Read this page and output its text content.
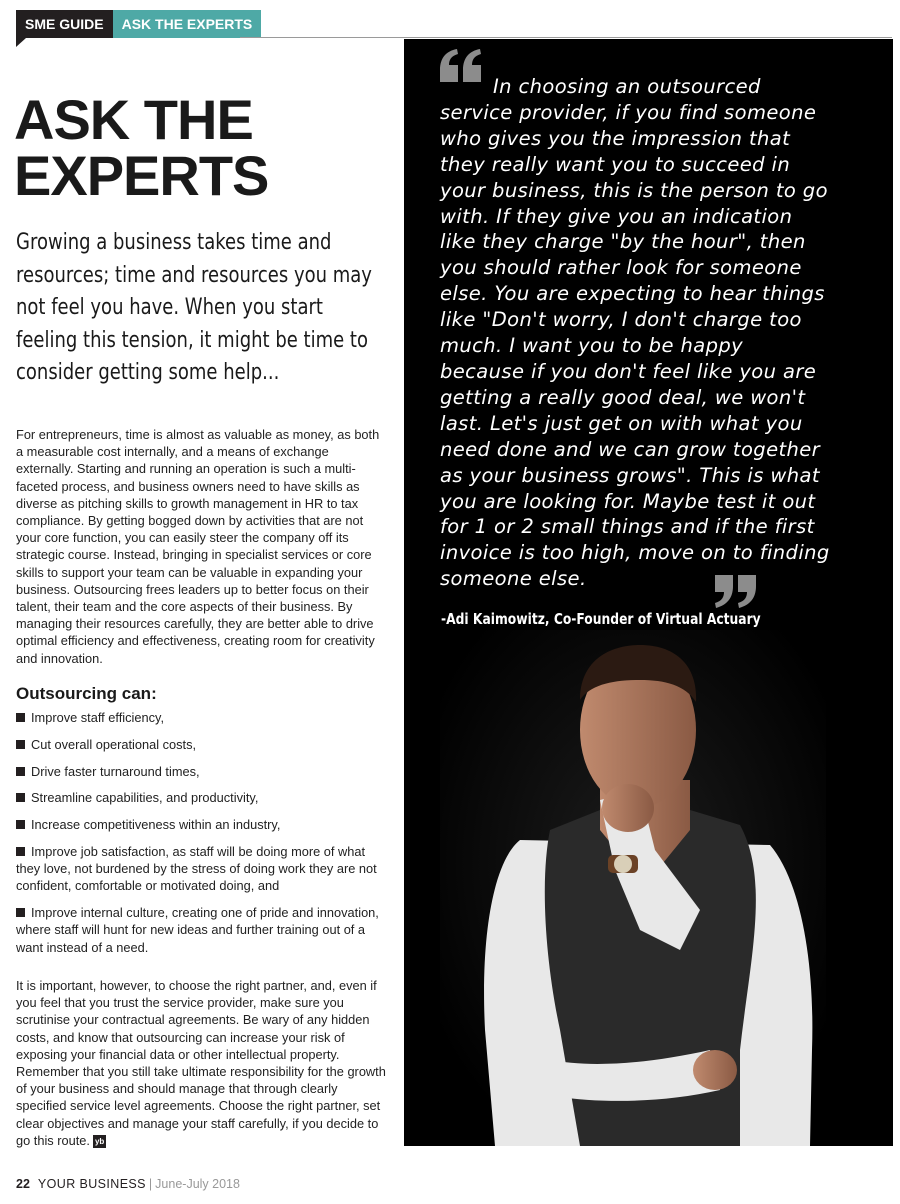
SME GUIDE	ASK THE EXPERTS
ASK THE
EXPERTS

Growing a business takes time and resources; time and resources you may not feel you have. When you start feeling this tension, it might be time to consider getting some help...

For entrepreneurs, time is almost as valuable as money, as both a measurable cost internally, and a means of exchange externally. Starting and running an operation is such a multi-faceted process, and business owners need to have skills as diverse as pitching skills to growth management in HR to tax compliance. By getting bogged down by activities that are not your core function, you can easily steer the company off its strategic course. Instead, bringing in specialist services or core skills to support your team can be valuable in expanding your business. Outsourcing frees leaders up to better focus on their talent, their team and the core aspects of their business. By managing their resources carefully, they are better able to drive optimal efficiency and effectiveness, creating room for creativity and innovation.

Outsourcing can:
Improve staff efficiency,
Cut overall operational costs,
Drive faster turnaround times,
Streamline capabilities, and productivity,
Increase competitiveness within an industry,
Improve job satisfaction, as staff will be doing more of what they love, not burdened by the stress of doing work they are not confident, comfortable or motivated doing, and
Improve internal culture, creating one of pride and innovation, where staff will hunt for new ideas and further training out of a want instead of a need.

It is important, however, to choose the right partner, and, even if you feel that you trust the service provider, make sure you scrutinise your contractual agreements. Be wary of any hidden costs, and know that outsourcing can increase your risk of exposing your financial data or other intellectual property. Remember that you still take ultimate responsibility for the growth of your business and should manage that through clearly specified service level agreements. Choose the right partner, set clear objectives and manage your staff carefully, if you decide to go this route. yb

In choosing an outsourced service provider, if you find someone who gives you the impression that they really want you to succeed in your business, this is the person to go with. If they give you an indication like they charge "by the hour", then you should rather look for someone else. You are expecting to hear things like "Don't worry, I don't charge too much. I want you to be happy because if you don't feel like you are getting a really good deal, we won't last. Let's just get on with what you need done and we can grow together as your business grows". This is what you are looking for. Maybe test it out for 1 or 2 small things and if the first invoice is too high, move on to finding someone else.

-Adi Kaimowitz, Co-Founder of Virtual Actuary

22 YOUR BUSINESS | June-July 2018
